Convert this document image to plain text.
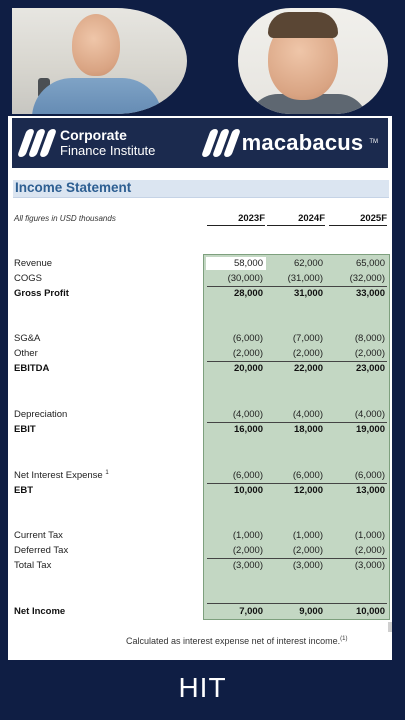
Corporate
Finance Institute	macabacus TM
Income Statement
All figures in USD thousands	2023F	2024F	2025F
Revenue	58,000	62,000	65,000
COGS	(30,000)	(31,000)	(32,000)
Gross Profit	28,000	31,000	33,000
SG&A	(6,000)	(7,000)	(8,000)
Other	(2,000)	(2,000)	(2,000)
EBITDA	20,000	22,000	23,000
Depreciation	(4,000)	(4,000)	(4,000)
EBIT	16,000	18,000	19,000
Net Interest Expense $^1$	(6,000)	(6,000)	(6,000)
EBT	10,000	12,000	13,000
Current Tax	(1,000)	(1,000)	(1,000)
Deferred Tax	(2,000)	(2,000)	(2,000)
Total Tax	(3,000)	(3,000)	(3,000)
Net Income	7,000	9,000	10,000
Calculated as interest expense net of interest income.$^{(1)}$
HIT
